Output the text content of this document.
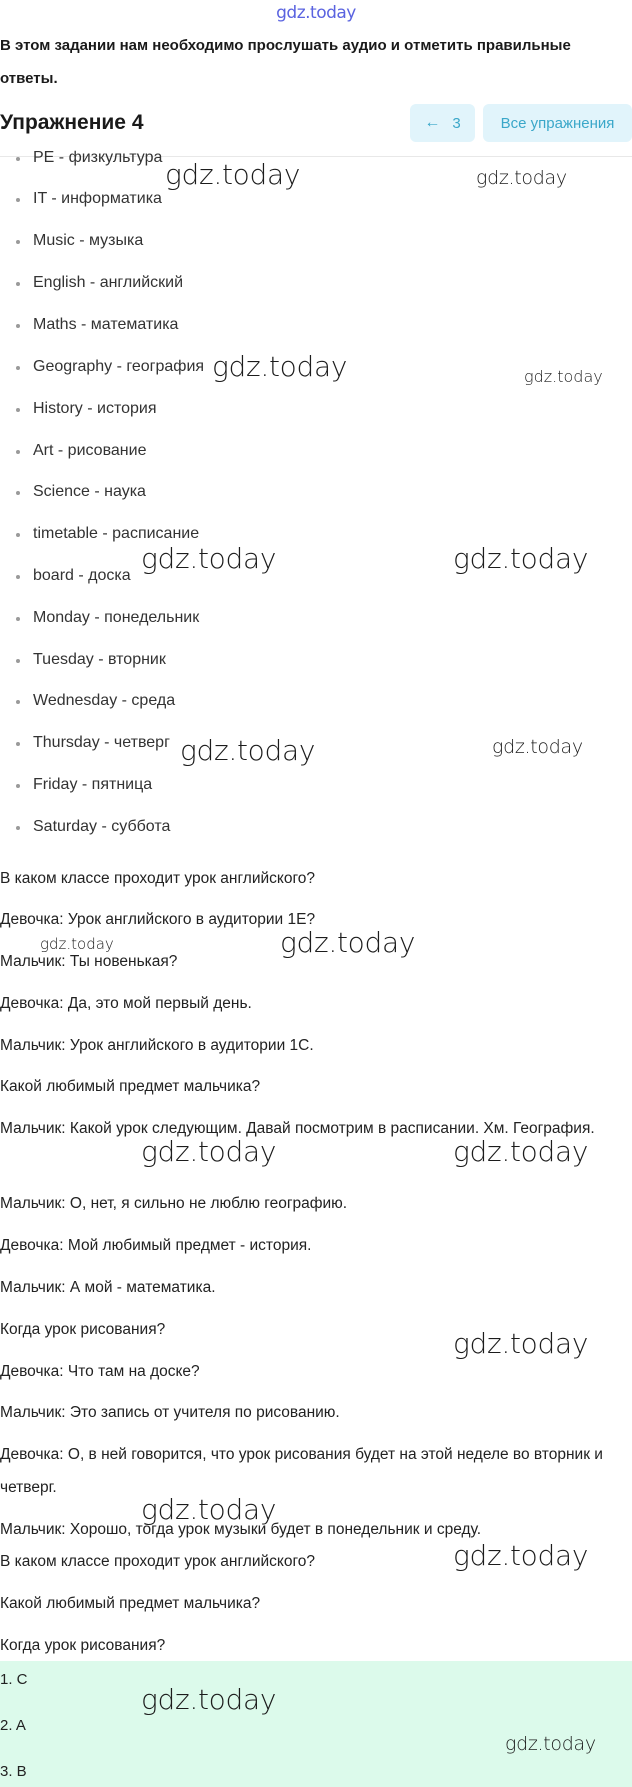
gdz.today
В этом задании нам необходимо прослушать аудио и отметить правильные ответы.
Упражнение 4	← 3	Все упражнения
PE - физкультура
IT - информатика
Music - музыка
English - английский
Maths - математика
Geography - география
History - история
Art - рисование
Science - наука
timetable - расписание
board - доска
Monday - понедельник
Tuesday - вторник
Wednesday - среда
Thursday - четверг
Friday - пятница
Saturday - суббота
В каком классе проходит урок английского?
Девочка: Урок английского в аудитории 1Е?
Мальчик: Ты новенькая?
Девочка: Да, это мой первый день.
Мальчик: Урок английского в аудитории 1С.
Какой любимый предмет мальчика?
Мальчик: Какой урок следующим. Давай посмотрим в расписании. Хм. География.
Мальчик: О, нет, я сильно не люблю географию.
Девочка: Мой любимый предмет - история.
Мальчик: А мой - математика.
Когда урок рисования?
Девочка: Что там на доске?
Мальчик: Это запись от учителя по рисованию.
Девочка: О, в ней говорится, что урок рисования будет на этой неделе во вторник и четверг.
Мальчик: Хорошо, тогда урок музыки будет в понедельник и среду.
В каком классе проходит урок английского?
Какой любимый предмет мальчика?
Когда урок рисования?
1. C
2. A
3. B
gdz.today	gdz.today
gdz.today	gdz.today
gdz.today	gdz.today
gdz.today	gdz.today
gdz.today	gdz.today
gdz.today	gdz.today
gdz.today
gdz.today
gdz.today
gdz.today
gdz.today
